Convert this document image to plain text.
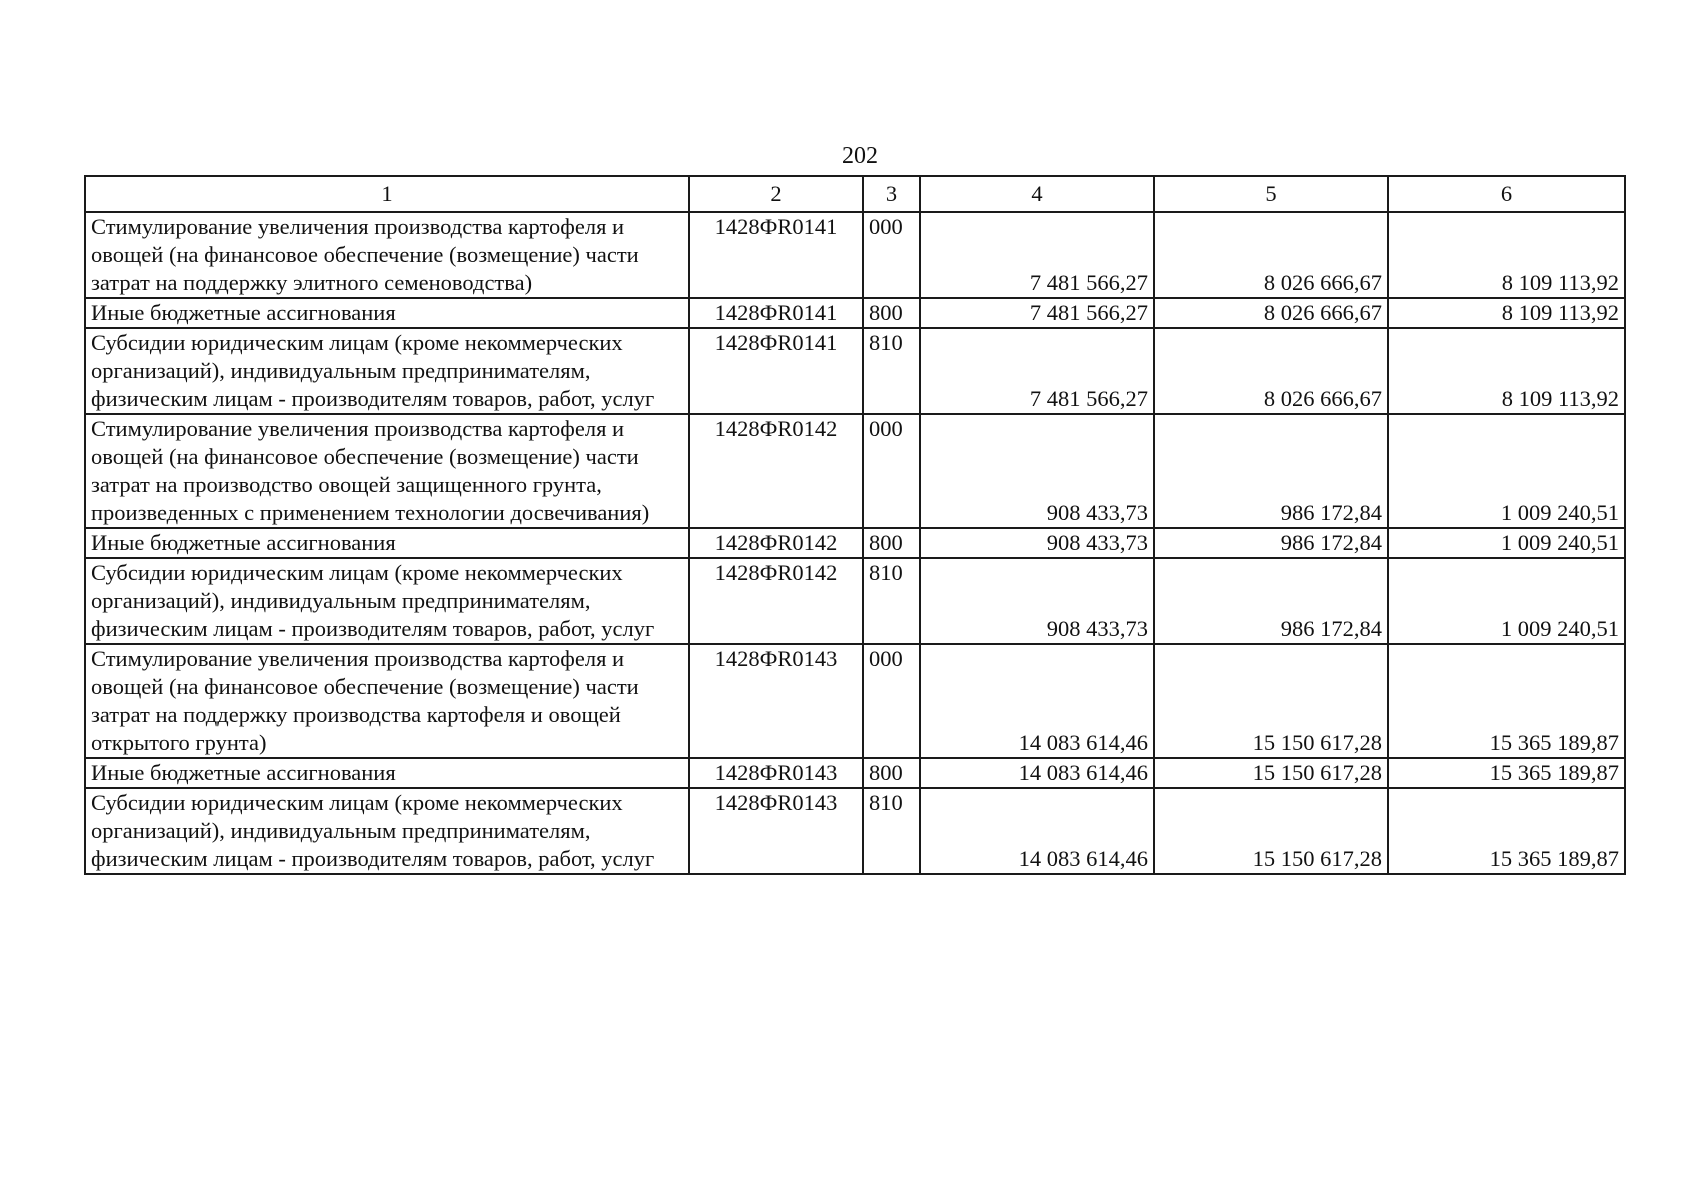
202
1	2	3	4	5	6
Стимулирование увеличения производства картофеля и овощей (на финансовое обеспечение (возмещение) части затрат на поддержку элитного семеноводства)	1428ФR0141	000	7 481 566,27	8 026 666,67	8 109 113,92
Иные бюджетные ассигнования	1428ФR0141	800	7 481 566,27	8 026 666,67	8 109 113,92
Субсидии юридическим лицам (кроме некоммерческих организаций), индивидуальным предпринимателям, физическим лицам - производителям товаров, работ, услуг	1428ФR0141	810	7 481 566,27	8 026 666,67	8 109 113,92
Стимулирование увеличения производства картофеля и овощей (на финансовое обеспечение (возмещение) части затрат на производство овощей защищенного грунта, произведенных с применением технологии досвечивания)	1428ФR0142	000	908 433,73	986 172,84	1 009 240,51
Иные бюджетные ассигнования	1428ФR0142	800	908 433,73	986 172,84	1 009 240,51
Субсидии юридическим лицам (кроме некоммерческих организаций), индивидуальным предпринимателям, физическим лицам - производителям товаров, работ, услуг	1428ФR0142	810	908 433,73	986 172,84	1 009 240,51
Стимулирование увеличения производства картофеля и овощей (на финансовое обеспечение (возмещение) части затрат на поддержку производства картофеля и овощей открытого грунта)	1428ФR0143	000	14 083 614,46	15 150 617,28	15 365 189,87
Иные бюджетные ассигнования	1428ФR0143	800	14 083 614,46	15 150 617,28	15 365 189,87
Субсидии юридическим лицам (кроме некоммерческих организаций), индивидуальным предпринимателям, физическим лицам - производителям товаров, работ, услуг	1428ФR0143	810	14 083 614,46	15 150 617,28	15 365 189,87
